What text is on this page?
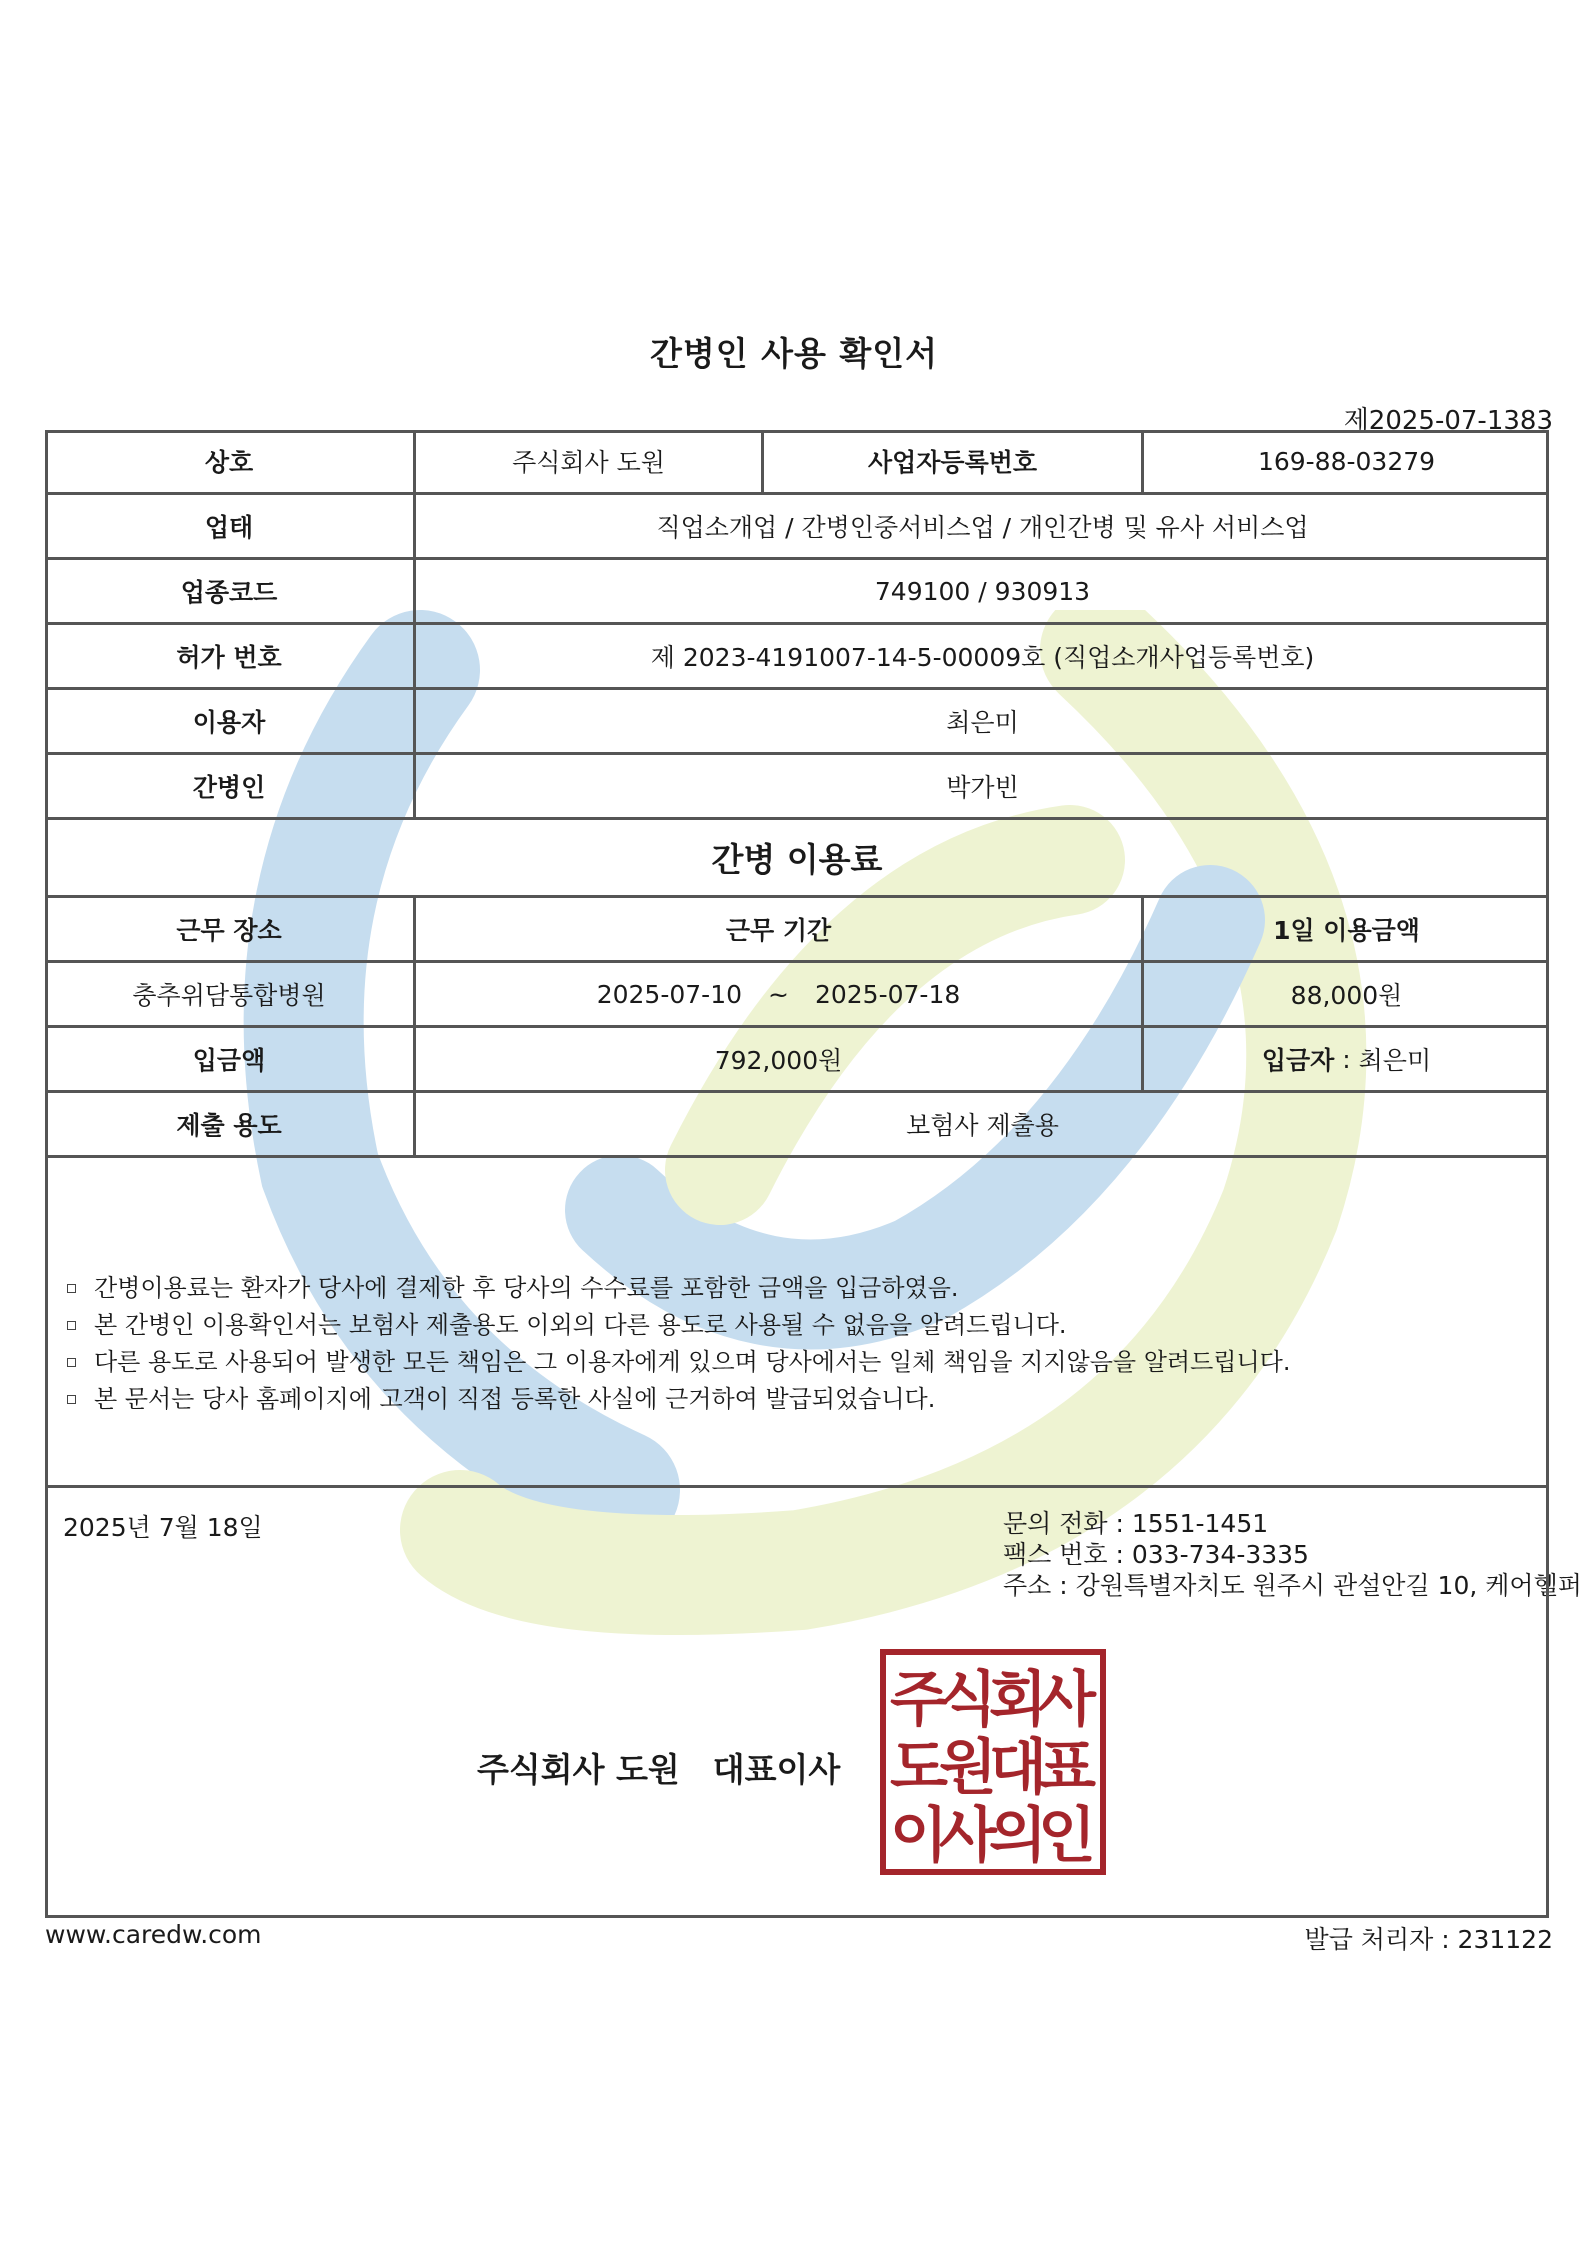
간병인 사용 확인서
제2025-07-1383
상호	주식회사 도원	사업자등록번호	169-88-03279
업태	직업소개업 / 간병인중서비스업 / 개인간병 및 유사 서비스업
업종코드	749100 / 930913
허가 번호	제 2023-4191007-14-5-00009호 (직업소개사업등록번호)
이용자	최은미
간병인	박가빈
간병 이용료
근무 장소	근무 기간	1일 이용금액
충추위담통합병원	2025-07-10 ~ 2025-07-18	88,000원
입금액	792,000원	입금자 : 최은미
제출 용도	보험사 제출용
간병이용료는 환자가 당사에 결제한 후 당사의 수수료를 포함한 금액을 입금하였음.
본 간병인 이용확인서는 보험사 제출용도 이외의 다른 용도로 사용될 수 없음을 알려드립니다.
다른 용도로 사용되어 발생한 모든 책임은 그 이용자에게 있으며 당사에서는 일체 책임을 지지않음을 알려드립니다.
본 문서는 당사 홈페이지에 고객이 직접 등록한 사실에 근거하여 발급되었습니다.
2025년 7월 18일	문의 전화 : 1551-1451
팩스 번호 : 033-734-3335
주소 : 강원특별자치도 원주시 관설안길 10, 케어헬퍼
주식회사 도원　대표이사
주
식
회
사
도
원
대
표
이
사
의
인
www.caredw.com	발급 처리자 : 231122
